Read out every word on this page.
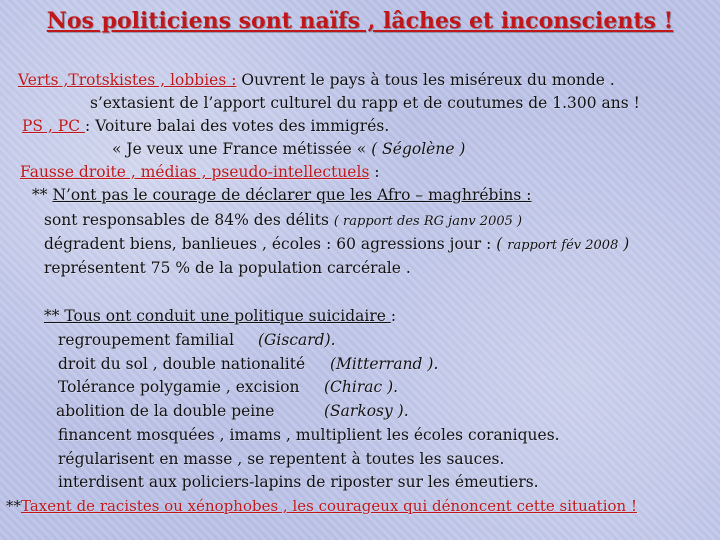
Nos politiciens sont naïfs , lâches et inconscients !
Verts ,Trotskistes , lobbies : Ouvrent le pays à tous les miséreux du monde .
s’extasient de l’apport culturel du rapp et de coutumes de 1.300 ans !
PS , PC : Voiture balai des votes des immigrés.
« Je veux une France métissée « ( Ségolène )
Fausse droite , médias , pseudo-intellectuels :
** N’ont pas le courage de déclarer que les Afro – maghrébins :
sont responsables de 84% des délits ( rapport des RG janv 2005 )
dégradent biens, banlieues , écoles : 60 agressions jour : ( rapport fév 2008 )
représentent 75 % de la population carcérale .
** Tous ont conduit une politique suicidaire :
regroupement familial (Giscard).
droit du sol , double nationalité (Mitterrand ).
Tolérance polygamie , excision (Chirac ).
abolition de la double peine	(Sarkosy ).
financent mosquées , imams , multiplient les écoles coraniques.
régularisent en masse , se repentent à toutes les sauces.
interdisent aux policiers-lapins de riposter sur les émeutiers.
**Taxent de racistes ou xénophobes , les courageux qui dénoncent cette situation !
